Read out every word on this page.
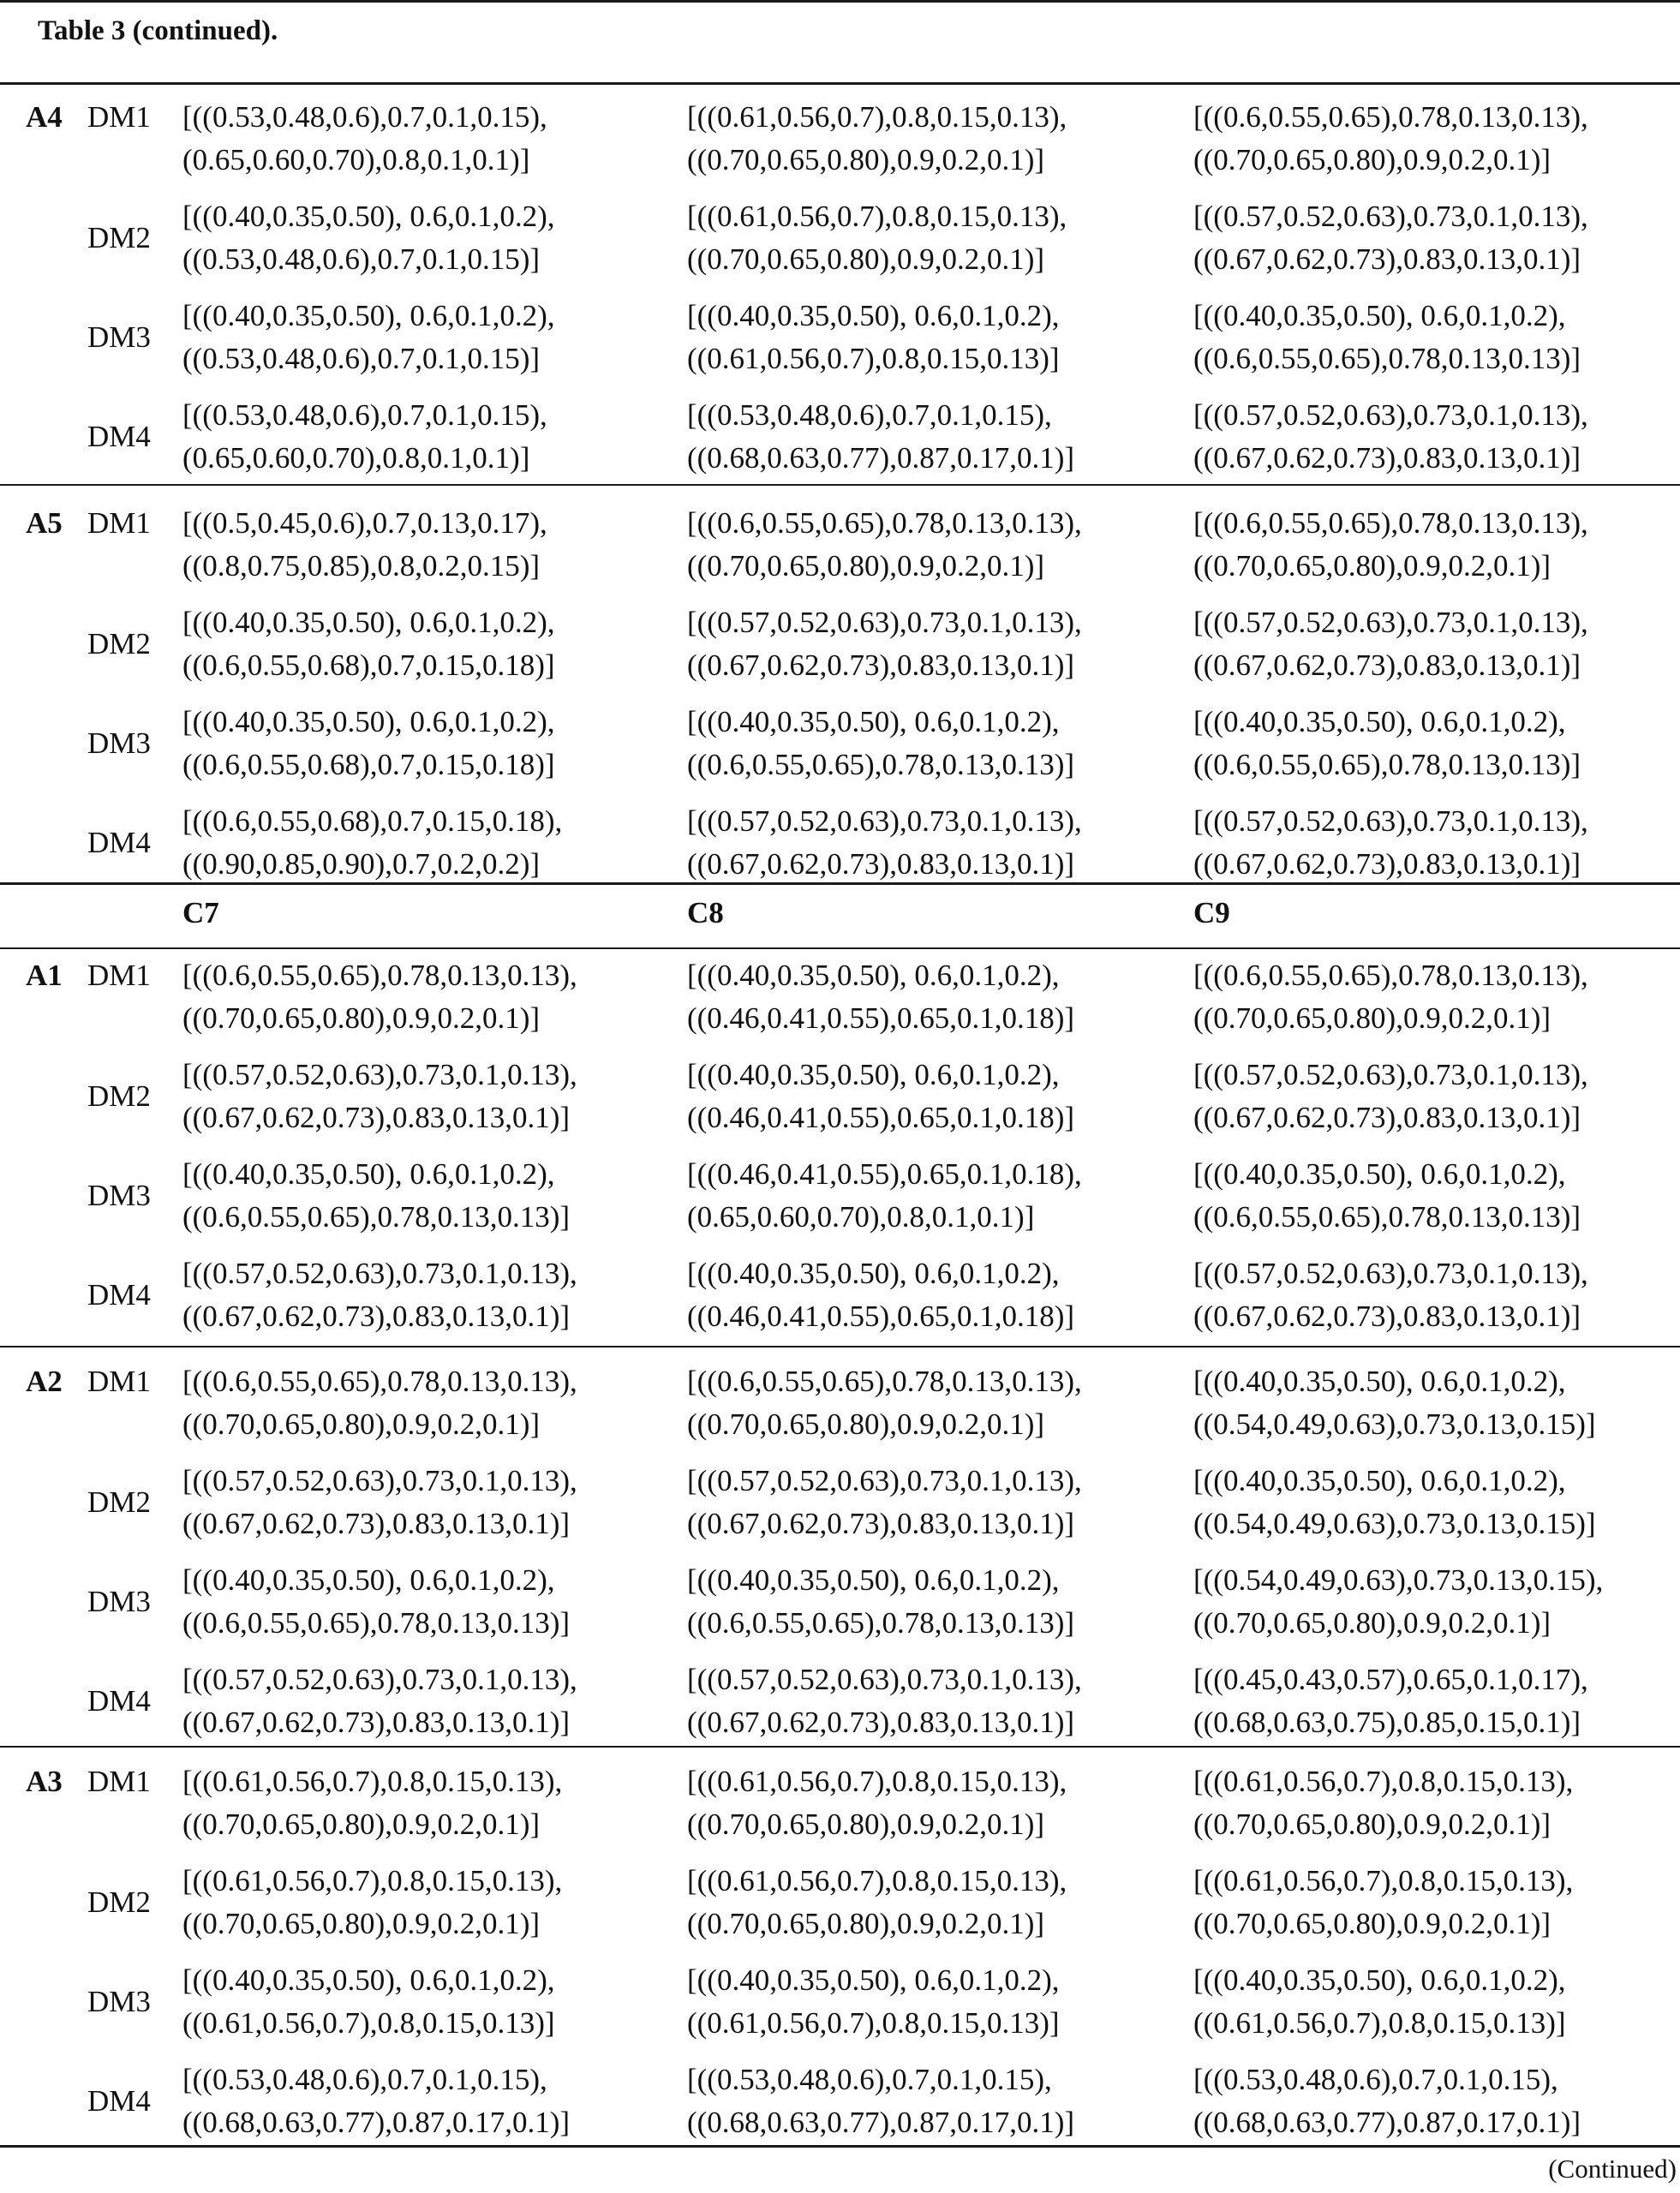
Table 3 (continued).
A4 DM1 [((0.53,0.48,0.6),0.7,0.1,0.15),
(0.65,0.60,0.70),0.8,0.1,0.1)]
[((0.61,0.56,0.7),0.8,0.15,0.13),
((0.70,0.65,0.80),0.9,0.2,0.1)]
[((0.6,0.55,0.65),0.78,0.13,0.13),
((0.70,0.65,0.80),0.9,0.2,0.1)]
DM2
[((0.40,0.35,0.50), 0.6,0.1,0.2),
((0.53,0.48,0.6),0.7,0.1,0.15)]
[((0.61,0.56,0.7),0.8,0.15,0.13),
((0.70,0.65,0.80),0.9,0.2,0.1)]
[((0.57,0.52,0.63),0.73,0.1,0.13),
((0.67,0.62,0.73),0.83,0.13,0.1)]
DM3
[((0.40,0.35,0.50), 0.6,0.1,0.2),
((0.53,0.48,0.6),0.7,0.1,0.15)]
[((0.40,0.35,0.50), 0.6,0.1,0.2),
((0.61,0.56,0.7),0.8,0.15,0.13)]
[((0.40,0.35,0.50), 0.6,0.1,0.2),
((0.6,0.55,0.65),0.78,0.13,0.13)]
DM4
[((0.53,0.48,0.6),0.7,0.1,0.15),
(0.65,0.60,0.70),0.8,0.1,0.1)]
[((0.53,0.48,0.6),0.7,0.1,0.15),
((0.68,0.63,0.77),0.87,0.17,0.1)]
[((0.57,0.52,0.63),0.73,0.1,0.13),
((0.67,0.62,0.73),0.83,0.13,0.1)]
A5 DM1 [((0.5,0.45,0.6),0.7,0.13,0.17),
((0.8,0.75,0.85),0.8,0.2,0.15)]
[((0.6,0.55,0.65),0.78,0.13,0.13),
((0.70,0.65,0.80),0.9,0.2,0.1)]
[((0.6,0.55,0.65),0.78,0.13,0.13),
((0.70,0.65,0.80),0.9,0.2,0.1)]
DM2
[((0.40,0.35,0.50), 0.6,0.1,0.2),
((0.6,0.55,0.68),0.7,0.15,0.18)]
[((0.57,0.52,0.63),0.73,0.1,0.13),
((0.67,0.62,0.73),0.83,0.13,0.1)]
[((0.57,0.52,0.63),0.73,0.1,0.13),
((0.67,0.62,0.73),0.83,0.13,0.1)]
DM3
[((0.40,0.35,0.50), 0.6,0.1,0.2),
((0.6,0.55,0.68),0.7,0.15,0.18)]
[((0.40,0.35,0.50), 0.6,0.1,0.2),
((0.6,0.55,0.65),0.78,0.13,0.13)]
[((0.40,0.35,0.50), 0.6,0.1,0.2),
((0.6,0.55,0.65),0.78,0.13,0.13)]
DM4
[((0.6,0.55,0.68),0.7,0.15,0.18),
((0.90,0.85,0.90),0.7,0.2,0.2)]
[((0.57,0.52,0.63),0.73,0.1,0.13),
((0.67,0.62,0.73),0.83,0.13,0.1)]
[((0.57,0.52,0.63),0.73,0.1,0.13),
((0.67,0.62,0.73),0.83,0.13,0.1)]
C7	C8	C9
A1 DM1 [((0.6,0.55,0.65),0.78,0.13,0.13),
((0.70,0.65,0.80),0.9,0.2,0.1)]
[((0.40,0.35,0.50), 0.6,0.1,0.2),
((0.46,0.41,0.55),0.65,0.1,0.18)]
[((0.6,0.55,0.65),0.78,0.13,0.13),
((0.70,0.65,0.80),0.9,0.2,0.1)]
DM2
[((0.57,0.52,0.63),0.73,0.1,0.13),
((0.67,0.62,0.73),0.83,0.13,0.1)]
[((0.40,0.35,0.50), 0.6,0.1,0.2),
((0.46,0.41,0.55),0.65,0.1,0.18)]
[((0.57,0.52,0.63),0.73,0.1,0.13),
((0.67,0.62,0.73),0.83,0.13,0.1)]
DM3
[((0.40,0.35,0.50), 0.6,0.1,0.2),
((0.6,0.55,0.65),0.78,0.13,0.13)]
[((0.46,0.41,0.55),0.65,0.1,0.18),
(0.65,0.60,0.70),0.8,0.1,0.1)]
[((0.40,0.35,0.50), 0.6,0.1,0.2),
((0.6,0.55,0.65),0.78,0.13,0.13)]
DM4
[((0.57,0.52,0.63),0.73,0.1,0.13),
((0.67,0.62,0.73),0.83,0.13,0.1)]
[((0.40,0.35,0.50), 0.6,0.1,0.2),
((0.46,0.41,0.55),0.65,0.1,0.18)]
[((0.57,0.52,0.63),0.73,0.1,0.13),
((0.67,0.62,0.73),0.83,0.13,0.1)]
A2 DM1 [((0.6,0.55,0.65),0.78,0.13,0.13),
((0.70,0.65,0.80),0.9,0.2,0.1)]
[((0.6,0.55,0.65),0.78,0.13,0.13),
((0.70,0.65,0.80),0.9,0.2,0.1)]
[((0.40,0.35,0.50), 0.6,0.1,0.2),
((0.54,0.49,0.63),0.73,0.13,0.15)]
DM2
[((0.57,0.52,0.63),0.73,0.1,0.13),
((0.67,0.62,0.73),0.83,0.13,0.1)]
[((0.57,0.52,0.63),0.73,0.1,0.13),
((0.67,0.62,0.73),0.83,0.13,0.1)]
[((0.40,0.35,0.50), 0.6,0.1,0.2),
((0.54,0.49,0.63),0.73,0.13,0.15)]
DM3
[((0.40,0.35,0.50), 0.6,0.1,0.2),
((0.6,0.55,0.65),0.78,0.13,0.13)]
[((0.40,0.35,0.50), 0.6,0.1,0.2),
((0.6,0.55,0.65),0.78,0.13,0.13)]
[((0.54,0.49,0.63),0.73,0.13,0.15),
((0.70,0.65,0.80),0.9,0.2,0.1)]
DM4
[((0.57,0.52,0.63),0.73,0.1,0.13),
((0.67,0.62,0.73),0.83,0.13,0.1)]
[((0.57,0.52,0.63),0.73,0.1,0.13),
((0.67,0.62,0.73),0.83,0.13,0.1)]
[((0.45,0.43,0.57),0.65,0.1,0.17),
((0.68,0.63,0.75),0.85,0.15,0.1)]
A3 DM1 [((0.61,0.56,0.7),0.8,0.15,0.13),
((0.70,0.65,0.80),0.9,0.2,0.1)]
[((0.61,0.56,0.7),0.8,0.15,0.13),
((0.70,0.65,0.80),0.9,0.2,0.1)]
[((0.61,0.56,0.7),0.8,0.15,0.13),
((0.70,0.65,0.80),0.9,0.2,0.1)]
DM2
[((0.61,0.56,0.7),0.8,0.15,0.13),
((0.70,0.65,0.80),0.9,0.2,0.1)]
[((0.61,0.56,0.7),0.8,0.15,0.13),
((0.70,0.65,0.80),0.9,0.2,0.1)]
[((0.61,0.56,0.7),0.8,0.15,0.13),
((0.70,0.65,0.80),0.9,0.2,0.1)]
DM3
[((0.40,0.35,0.50), 0.6,0.1,0.2),
((0.61,0.56,0.7),0.8,0.15,0.13)]
[((0.40,0.35,0.50), 0.6,0.1,0.2),
((0.61,0.56,0.7),0.8,0.15,0.13)]
[((0.40,0.35,0.50), 0.6,0.1,0.2),
((0.61,0.56,0.7),0.8,0.15,0.13)]
DM4
[((0.53,0.48,0.6),0.7,0.1,0.15),
((0.68,0.63,0.77),0.87,0.17,0.1)]
[((0.53,0.48,0.6),0.7,0.1,0.15),
((0.68,0.63,0.77),0.87,0.17,0.1)]
[((0.53,0.48,0.6),0.7,0.1,0.15),
((0.68,0.63,0.77),0.87,0.17,0.1)]
(Continued)
